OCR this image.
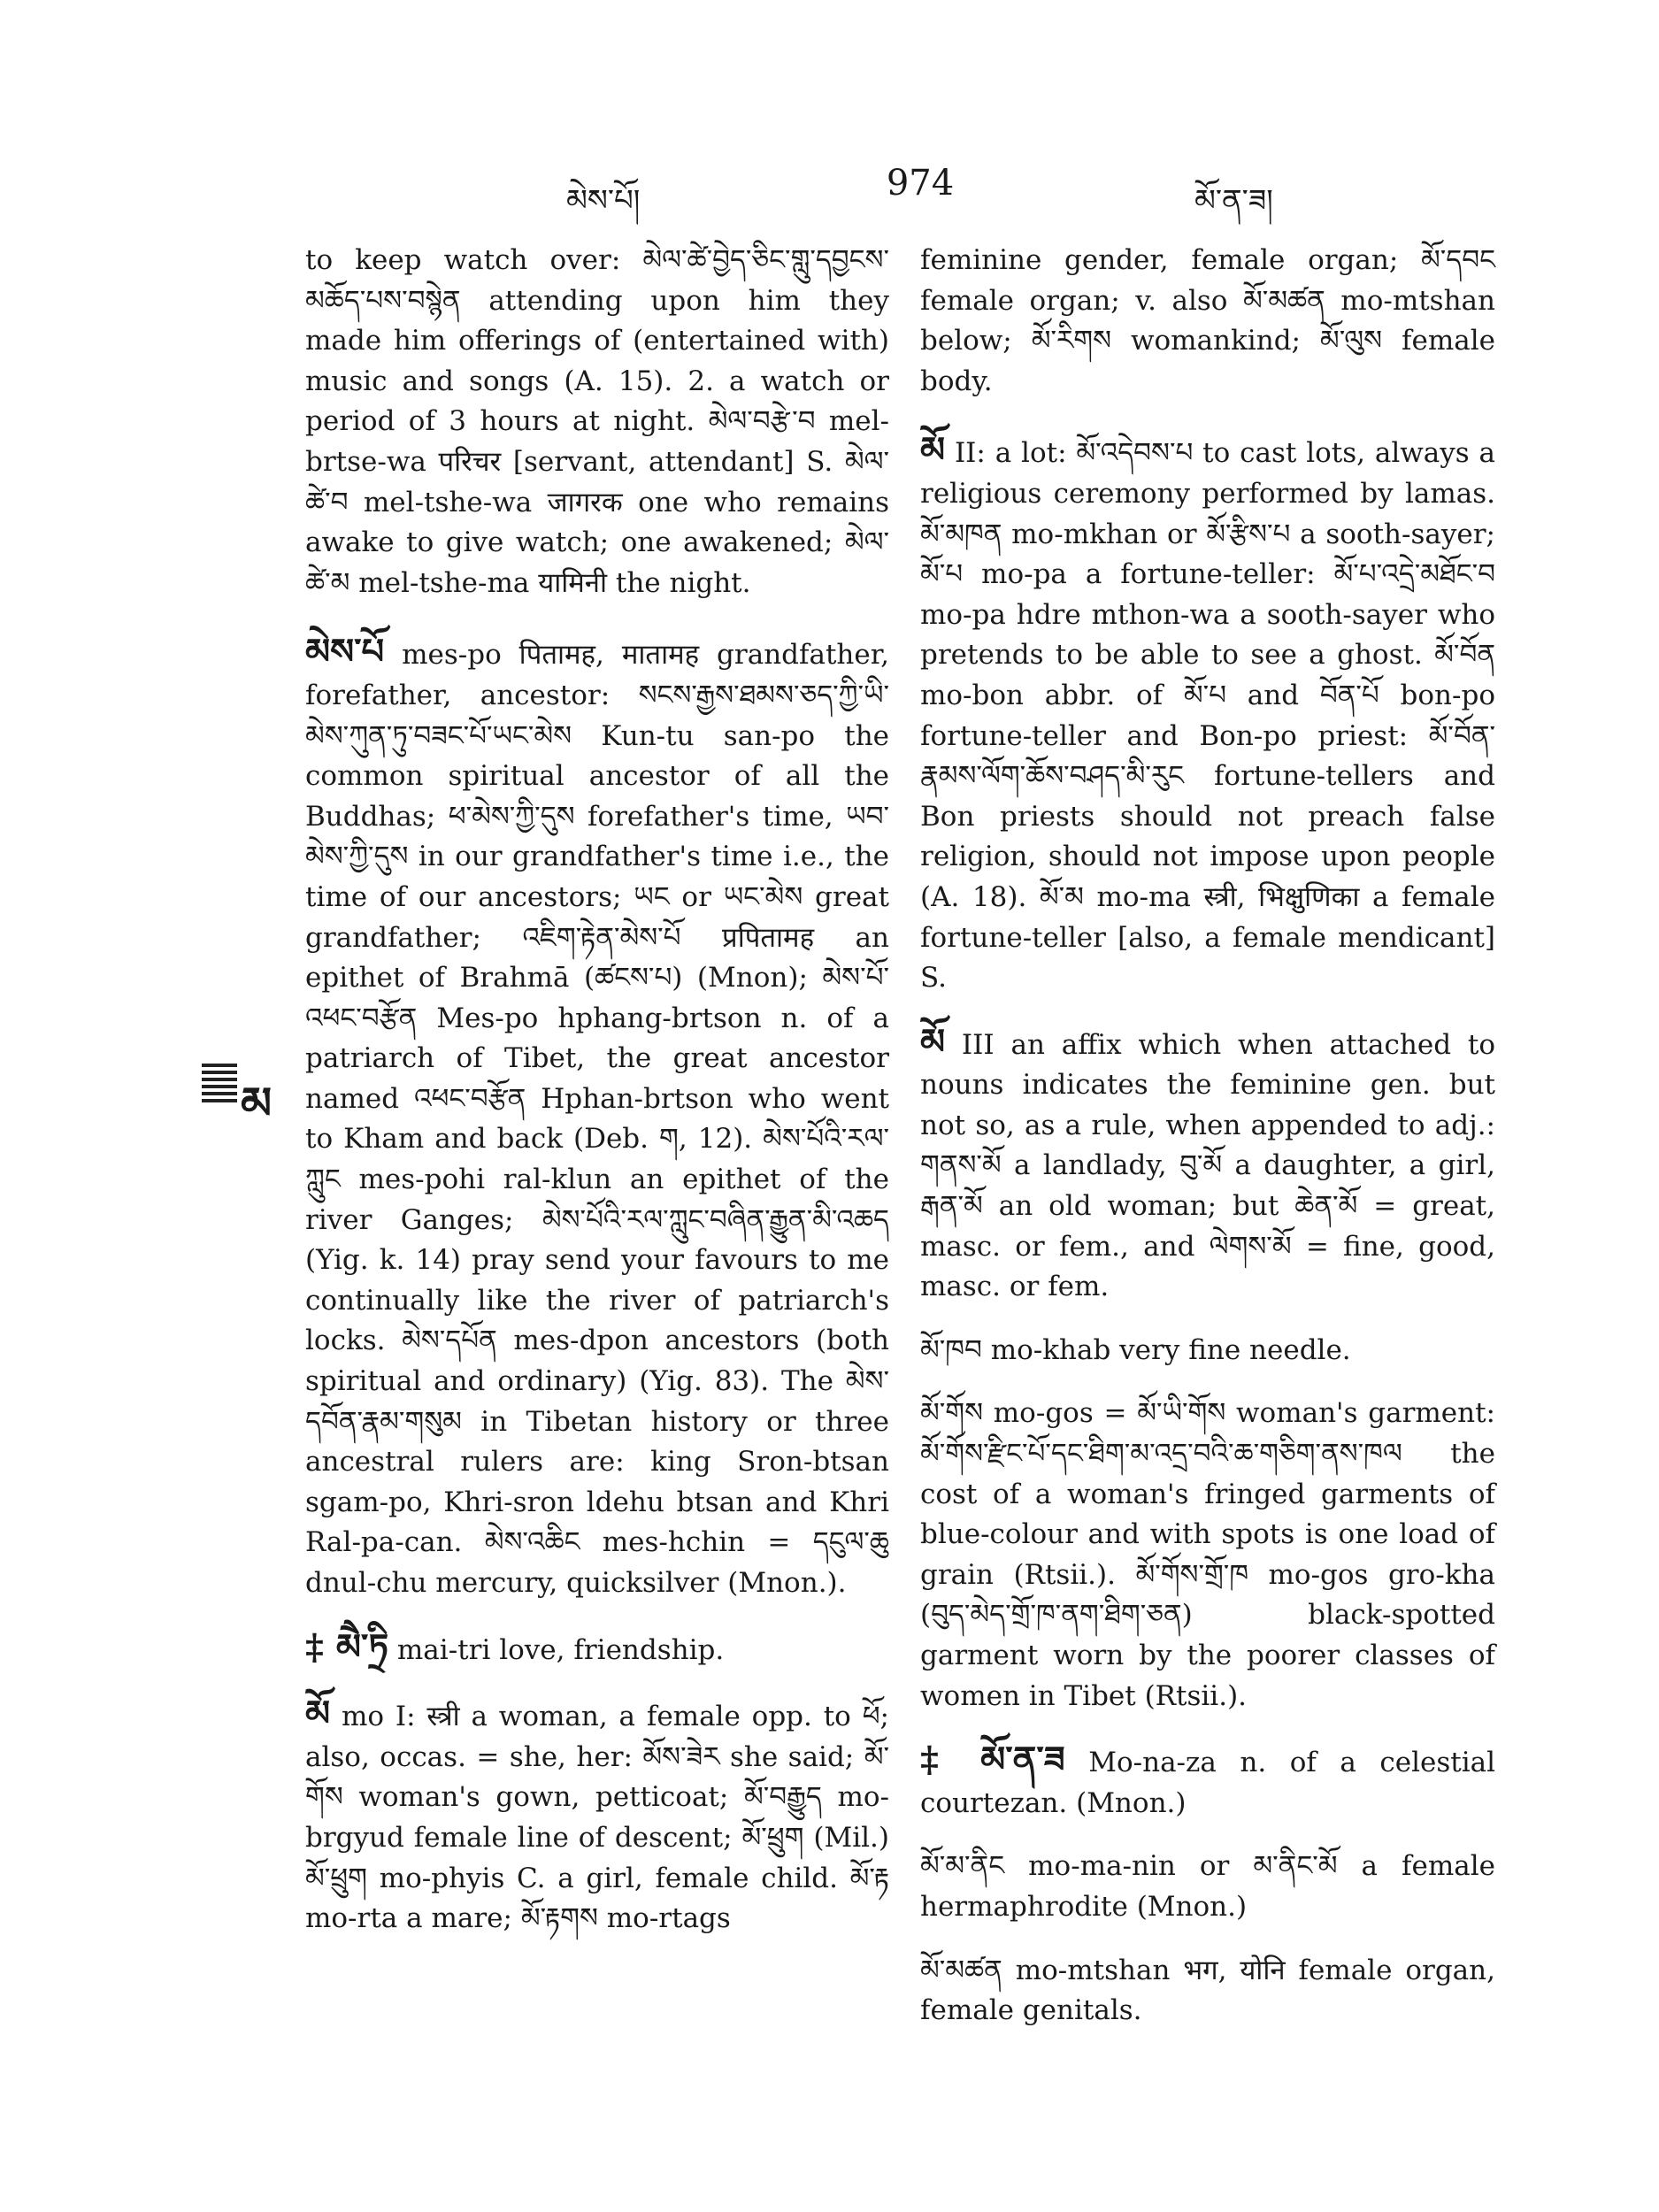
མེས་པོ།	974	མོ་ན་ཟ།
མ

to keep watch over: མེལ་ཚེ་བྱེད་ཅིང་གླུ་དབྱངས་མཆོད་པས་བསྙེན attending upon him they made him offerings of (entertained with) music and songs (A. 15). 2. a watch or period of 3 hours at night. མེལ་བརྩེ་བ mel-brtse-wa परिचर [servant, attendant] S. མེལ་ཚེ་བ mel-tshe-wa जागरक one who remains awake to give watch; one awakened; མེལ་ཚེ་མ mel-tshe-ma यामिनी the night.

མེས་པོ mes-po पितामह, मातामह grandfather, forefather, ancestor: སངས་རྒྱས་ཐམས་ཅད་ཀྱི་ཡི་མེས་ཀུན་ཏུ་བཟང་པོ་ཡང་མེས Kun-tu san-po the common spiritual ancestor of all the Buddhas; ཕ་མེས་ཀྱི་དུས forefather's time, ཡབ་མེས་ཀྱི་དུས in our grandfather's time i.e., the time of our ancestors; ཡང or ཡང་མེས great grandfather; འཇིག་རྟེན་མེས་པོ प्रपितामह an epithet of Brahmā (ཚངས་པ) (Mnon); མེས་པོ་འཕང་བརྩོན Mes-po hphang-brtson n. of a patriarch of Tibet, the great ancestor named འཕང་བརྩོན Hphan-brtson who went to Kham and back (Deb. ག, 12). མེས་པོའི་རལ་ཀླུང mes-pohi ral-klun an epithet of the river Ganges; མེས་པོའི་རལ་ཀླུང་བཞིན་རྒྱུན་མི་འཆད (Yig. k. 14) pray send your favours to me continually like the river of patriarch's locks. མེས་དཔོན mes-dpon ancestors (both spiritual and ordinary) (Yig. 83). The མེས་དབོན་རྣམ་གསུམ in Tibetan history or three ancestral rulers are: king Sron-btsan sgam-po, Khri-sron ldehu btsan and Khri Ral-pa-can. མེས་འཆིང mes-hchin = དངུལ་ཆུ dnul-chu mercury, quicksilver (Mnon.).

‡ མཻ་ཏྲི mai-tri love, friendship.

མོ mo I: स्त्री a woman, a female opp. to ཕོ; also, occas. = she, her: མོས་ཟེར she said; མོ་གོས woman's gown, petticoat; མོ་བརྒྱུད mo-brgyud female line of descent; མོ་ཕྲུག (Mil.) མོ་ཕྲུག mo-phyis C. a girl, female child. མོ་རྟ mo-rta a mare; མོ་རྟགས mo-rtags

feminine gender, female organ; མོ་དབང female organ; v. also མོ་མཚན mo-mtshan below; མོ་རིགས womankind; མོ་ལུས female body.

མོ II: a lot: མོ་འདེབས་པ to cast lots, always a religious ceremony performed by lamas. མོ་མཁན mo-mkhan or མོ་རྩིས་པ a sooth-sayer; མོ་པ mo-pa a fortune-teller: མོ་པ་འདྲེ་མཐོང་བ mo-pa hdre mthon-wa a sooth-sayer who pretends to be able to see a ghost. མོ་བོན mo-bon abbr. of མོ་པ and བོན་པོ bon-po fortune-teller and Bon-po priest: མོ་བོན་རྣམས་ལོག་ཆོས་བཤད་མི་རུང fortune-tellers and Bon priests should not preach false religion, should not impose upon people (A. 18). མོ་མ mo-ma स्त्री, भिक्षुणिका a female fortune-teller [also, a female mendicant] S.

མོ III an affix which when attached to nouns indicates the feminine gen. but not so, as a rule, when appended to adj.: གནས་མོ a landlady, བུ་མོ a daughter, a girl, རྒན་མོ an old woman; but ཆེན་མོ = great, masc. or fem., and ལེགས་མོ = fine, good, masc. or fem.

མོ་ཁབ mo-khab very fine needle.

མོ་གོས mo-gos = མོ་ཡི་གོས woman's garment: མོ་གོས་རྫིང་པོ་དང་ཐིག་མ་འདྲ་བའི་ཆ་གཅིག་ནས་ཁལ the cost of a woman's fringed garments of blue-colour and with spots is one load of grain (Rtsii.). མོ་གོས་གྲོ་ཁ mo-gos gro-kha (བུད་མེད་གྲོ་ཁ་ནག་ཐིག་ཅན) black-spotted garment worn by the poorer classes of women in Tibet (Rtsii.).

‡ མོ་ན་ཟ Mo-na-za n. of a celestial courtezan. (Mnon.)

མོ་མ་ནིང mo-ma-nin or མ་ནིང་མོ a female hermaphrodite (Mnon.)

མོ་མཚན mo-mtshan भग, योनि female organ, female genitals.
